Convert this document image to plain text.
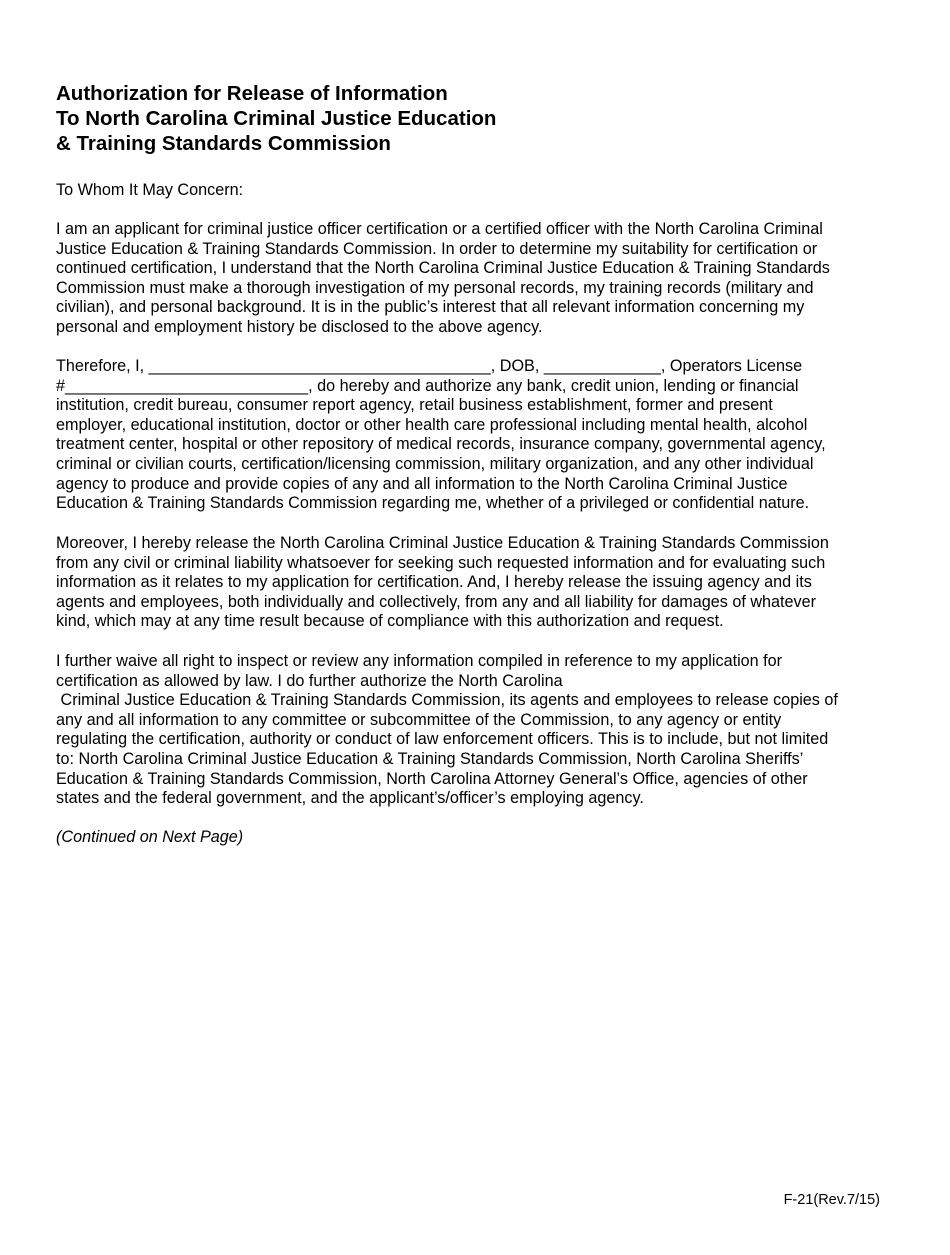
Authorization for Release of Information
To North Carolina Criminal Justice Education
& Training Standards Commission

To Whom It May Concern:

I am an applicant for criminal justice officer certification or a certified officer with the North Carolina Criminal
Justice Education & Training Standards Commission. In order to determine my suitability for certification or
continued certification, I understand that the North Carolina Criminal Justice Education & Training Standards
Commission must make a thorough investigation of my personal records, my training records (military and
civilian), and personal background. It is in the public’s interest that all relevant information concerning my
personal and employment history be disclosed to the above agency.

Therefore, I, ______________________________________, DOB, _____________, Operators License
#___________________________, do hereby and authorize any bank, credit union, lending or financial
institution, credit bureau, consumer report agency, retail business establishment, former and present
employer, educational institution, doctor or other health care professional including mental health, alcohol
treatment center, hospital or other repository of medical records, insurance company, governmental agency,
criminal or civilian courts, certification/licensing commission, military organization, and any other individual
agency to produce and provide copies of any and all information to the North Carolina Criminal Justice
Education & Training Standards Commission regarding me, whether of a privileged or confidential nature.

Moreover, I hereby release the North Carolina Criminal Justice Education & Training Standards Commission
from any civil or criminal liability whatsoever for seeking such requested information and for evaluating such
information as it relates to my application for certification. And, I hereby release the issuing agency and its
agents and employees, both individually and collectively, from any and all liability for damages of whatever
kind, which may at any time result because of compliance with this authorization and request.

I further waive all right to inspect or review any information compiled in reference to my application for
certification as allowed by law. I do further authorize the North Carolina
Criminal Justice Education & Training Standards Commission, its agents and employees to release copies of
any and all information to any committee or subcommittee of the Commission, to any agency or entity
regulating the certification, authority or conduct of law enforcement officers. This is to include, but not limited
to: North Carolina Criminal Justice Education & Training Standards Commission, North Carolina Sheriffs’
Education & Training Standards Commission, North Carolina Attorney General’s Office, agencies of other
states and the federal government, and the applicant’s/officer’s employing agency.

(Continued on Next Page)

F-21(Rev.7/15)
